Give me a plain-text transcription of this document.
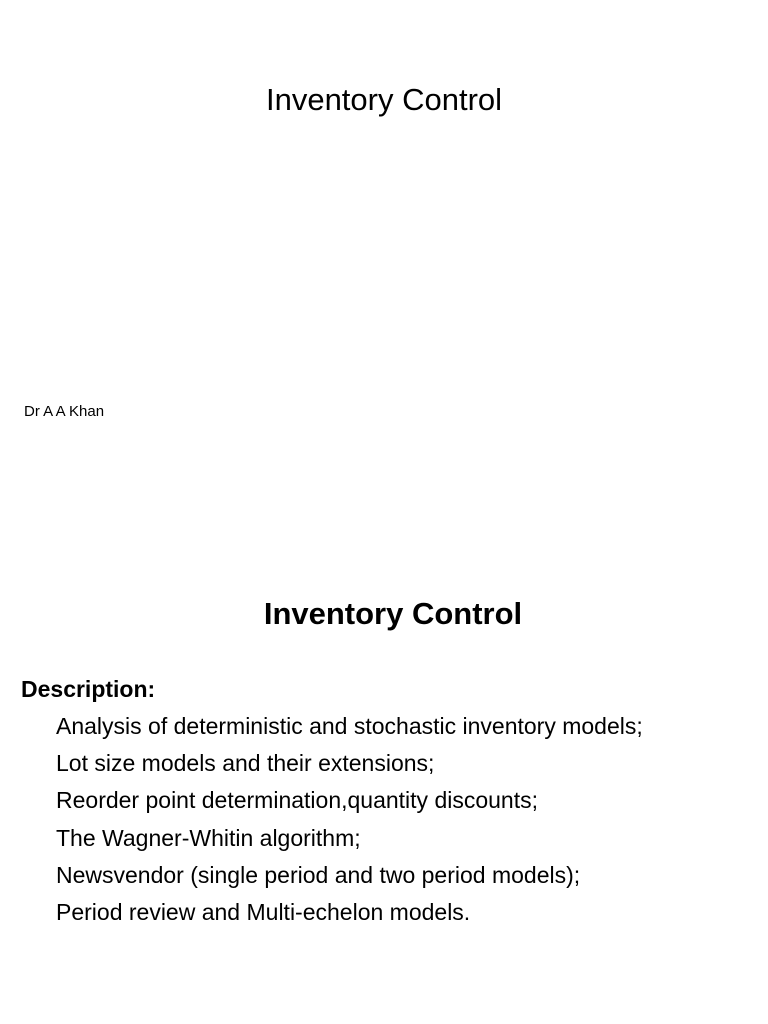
Inventory Control
Dr A A Khan
Inventory Control
Description:
Analysis of deterministic and stochastic inventory models;
Lot size models and their extensions;
Reorder point determination,quantity discounts;
The Wagner-Whitin algorithm;
Newsvendor (single period and two period models);
Period review and Multi-echelon models.
